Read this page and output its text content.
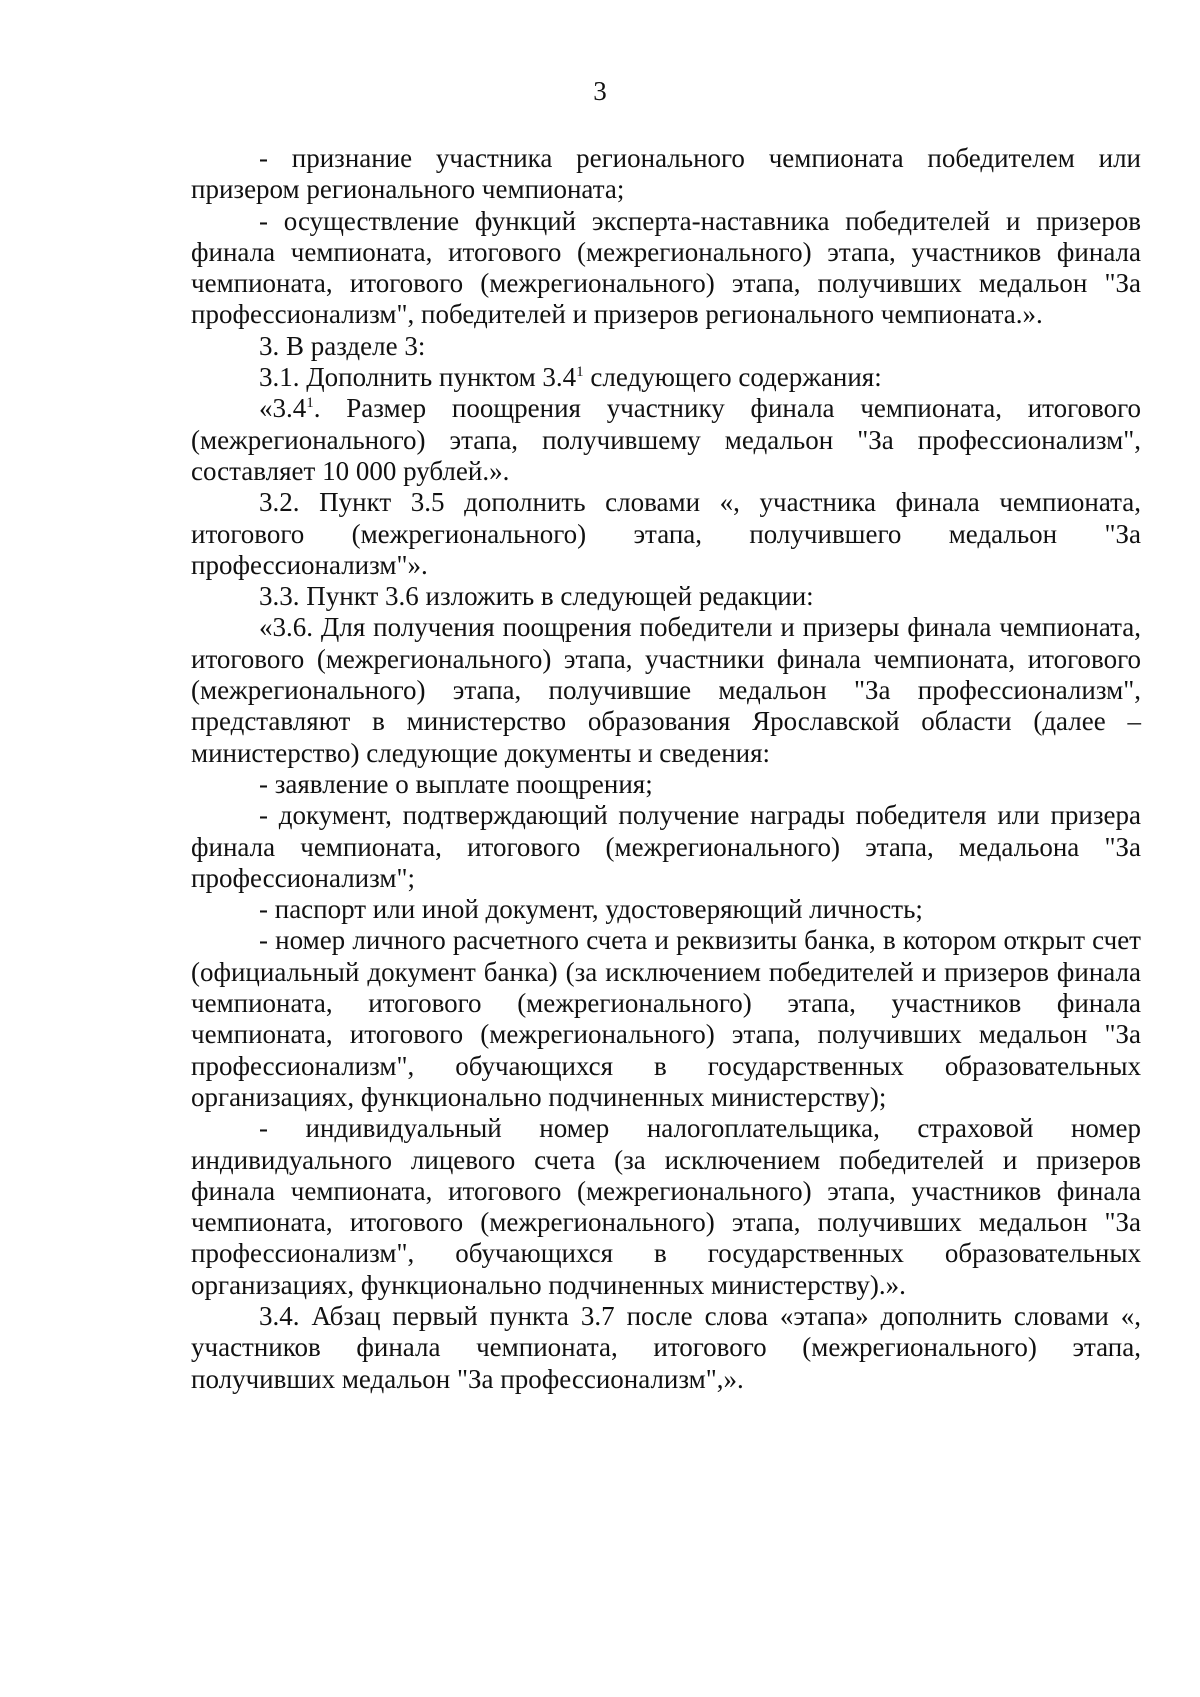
3

- признание участника регионального чемпионата победителем или призером регионального чемпионата;

- осуществление функций эксперта-наставника победителей и призеров финала чемпионата, итогового (межрегионального) этапа, участников финала чемпионата, итогового (межрегионального) этапа, получивших медальон "За профессионализм", победителей и призеров регионального чемпионата.».

3. В разделе 3:

3.1. Дополнить пунктом $3.4^1$ следующего содержания:

«$3.4^1$. Размер поощрения участнику финала чемпионата, итогового (межрегионального) этапа, получившему медальон "За профессионализм", составляет 10 000 рублей.».

3.2. Пункт 3.5 дополнить словами «, участника финала чемпионата, итогового (межрегионального) этапа, получившего медальон "За профессионализм"».

3.3. Пункт 3.6 изложить в следующей редакции:

«3.6. Для получения поощрения победители и призеры финала чемпионата, итогового (межрегионального) этапа, участники финала чемпионата, итогового (межрегионального) этапа, получившие медальон "За профессионализм", представляют в министерство образования Ярославской области (далее – министерство) следующие документы и сведения:

- заявление о выплате поощрения;

- документ, подтверждающий получение награды победителя или призера финала чемпионата, итогового (межрегионального) этапа, медальона "За профессионализм";

- паспорт или иной документ, удостоверяющий личность;

- номер личного расчетного счета и реквизиты банка, в котором открыт счет (официальный документ банка) (за исключением победителей и призеров финала чемпионата, итогового (межрегионального) этапа, участников финала чемпионата, итогового (межрегионального) этапа, получивших медальон "За профессионализм", обучающихся в государственных образовательных организациях, функционально подчиненных министерству);

- индивидуальный номер налогоплательщика, страховой номер индивидуального лицевого счета (за исключением победителей и призеров финала чемпионата, итогового (межрегионального) этапа, участников финала чемпионата, итогового (межрегионального) этапа, получивших медальон "За профессионализм", обучающихся в государственных образовательных организациях, функционально подчиненных министерству).».

3.4. Абзац первый пункта 3.7 после слова «этапа» дополнить словами «, участников финала чемпионата, итогового (межрегионального) этапа, получивших медальон "За профессионализм",».
